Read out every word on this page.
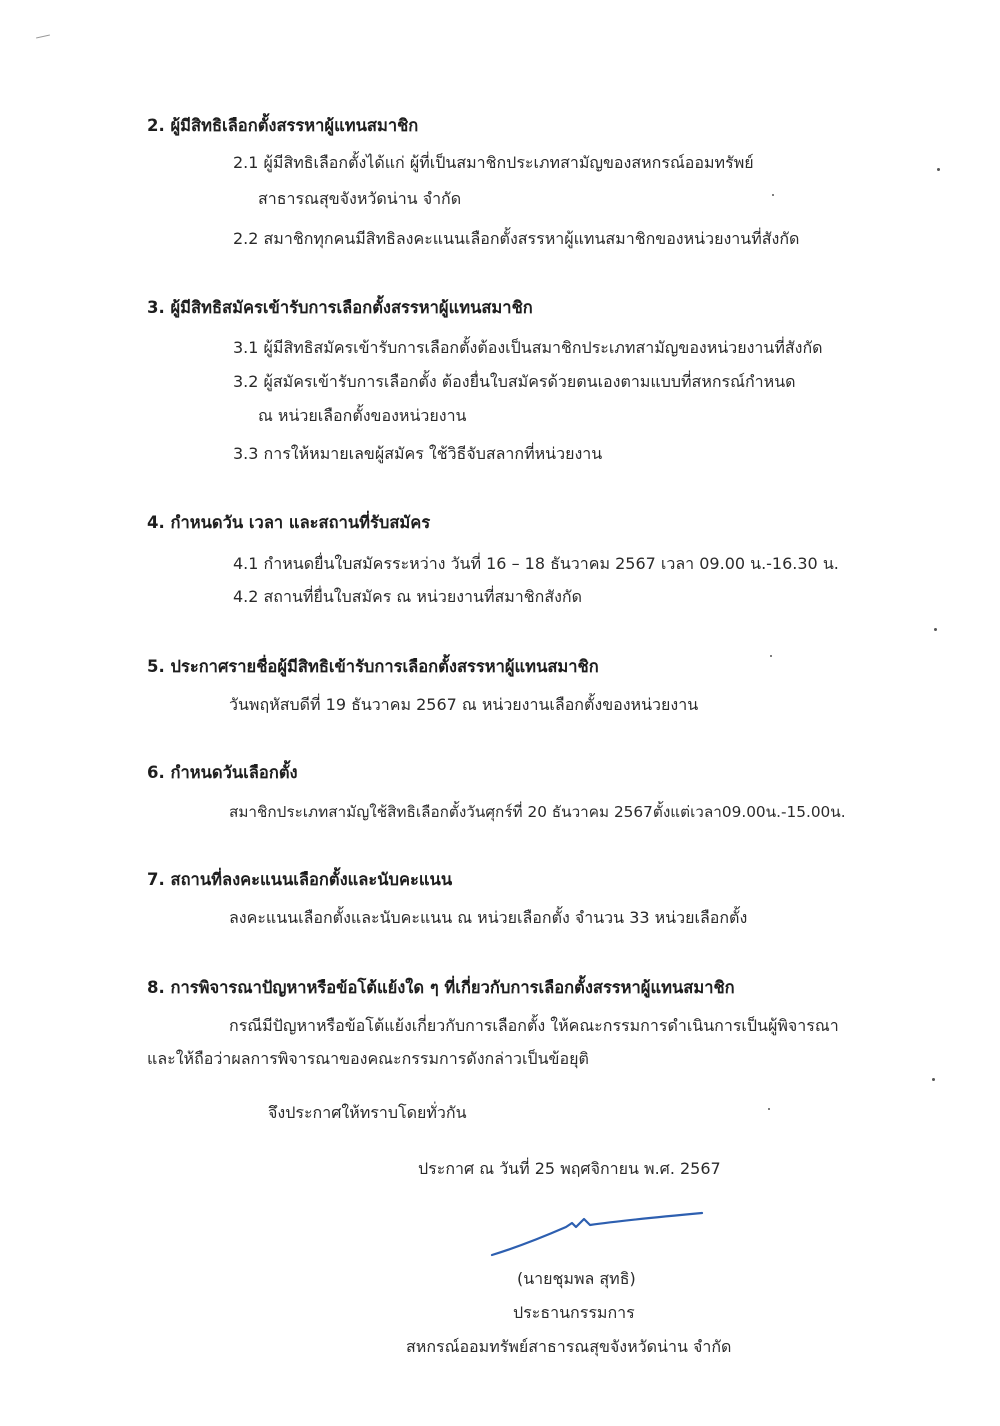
2. ผู้มีสิทธิเลือกตั้งสรรหาผู้แทนสมาชิก
2.1 ผู้มีสิทธิเลือกตั้งได้แก่ ผู้ที่เป็นสมาชิกประเภทสามัญของสหกรณ์ออมทรัพย์
สาธารณสุขจังหวัดน่าน จำกัด
2.2 สมาชิกทุกคนมีสิทธิลงคะแนนเลือกตั้งสรรหาผู้แทนสมาชิกของหน่วยงานที่สังกัด
3. ผู้มีสิทธิสมัครเข้ารับการเลือกตั้งสรรหาผู้แทนสมาชิก
3.1 ผู้มีสิทธิสมัครเข้ารับการเลือกตั้งต้องเป็นสมาชิกประเภทสามัญของหน่วยงานที่สังกัด
3.2 ผู้สมัครเข้ารับการเลือกตั้ง ต้องยื่นใบสมัครด้วยตนเองตามแบบที่สหกรณ์กำหนด
ณ หน่วยเลือกตั้งของหน่วยงาน
3.3 การให้หมายเลขผู้สมัคร ใช้วิธีจับสลากที่หน่วยงาน
4. กำหนดวัน เวลา และสถานที่รับสมัคร
4.1 กำหนดยื่นใบสมัครระหว่าง วันที่ 16 – 18 ธันวาคม 2567 เวลา 09.00 น.-16.30 น.
4.2 สถานที่ยื่นใบสมัคร ณ หน่วยงานที่สมาชิกสังกัด
5. ประกาศรายชื่อผู้มีสิทธิเข้ารับการเลือกตั้งสรรหาผู้แทนสมาชิก
วันพฤหัสบดีที่ 19 ธันวาคม 2567 ณ หน่วยงานเลือกตั้งของหน่วยงาน
6. กำหนดวันเลือกตั้ง
สมาชิกประเภทสามัญใช้สิทธิเลือกตั้งวันศุกร์ที่ 20 ธันวาคม 2567ตั้งแต่เวลา09.00น.-15.00น.
7. สถานที่ลงคะแนนเลือกตั้งและนับคะแนน
ลงคะแนนเลือกตั้งและนับคะแนน ณ หน่วยเลือกตั้ง จำนวน 33 หน่วยเลือกตั้ง
8. การพิจารณาปัญหาหรือข้อโต้แย้งใด ๆ ที่เกี่ยวกับการเลือกตั้งสรรหาผู้แทนสมาชิก
กรณีมีปัญหาหรือข้อโต้แย้งเกี่ยวกับการเลือกตั้ง ให้คณะกรรมการดำเนินการเป็นผู้พิจารณา
และให้ถือว่าผลการพิจารณาของคณะกรรมการดังกล่าวเป็นข้อยุติ
จึงประกาศให้ทราบโดยทั่วกัน
ประกาศ ณ วันที่ 25 พฤศจิกายน พ.ศ. 2567
(นายชุมพล สุทธิ)
ประธานกรรมการ
สหกรณ์ออมทรัพย์สาธารณสุขจังหวัดน่าน จำกัด
